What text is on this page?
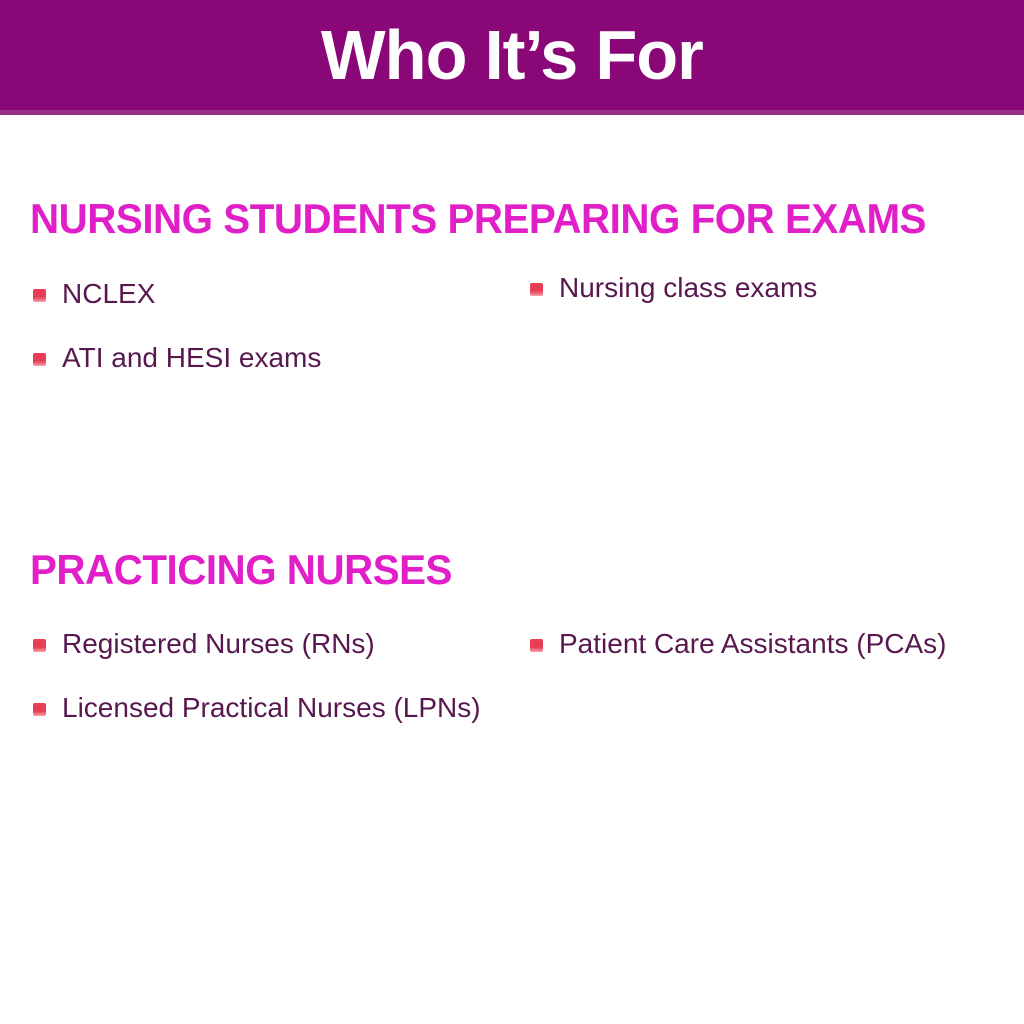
Who It’s For
NURSING STUDENTS PREPARING FOR EXAMS
NCLEX
ATI and HESI exams
Nursing class exams
PRACTICING NURSES
Registered Nurses (RNs)
Licensed Practical Nurses (LPNs)
Patient Care Assistants (PCAs)
